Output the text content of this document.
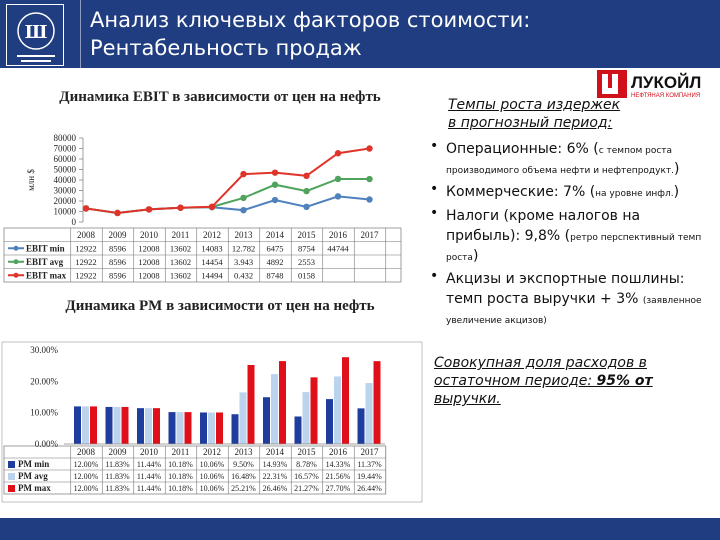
Ш
Анализ ключевых факторов стоимости: Рентабельность продаж
ЛУКОЙЛ
НЕФТЯНАЯ КОМПАНИЯ
Динамика EBIT в зависимости от цен на нефть
млн $
0
10000
20000
30000
40000
50000
60000
70000
80000
2008 2009 2010 2011 2012 2013 2014 2015 2016 2017
EBIT min 12922 8596 12008 13602 14083 12.782 6475 8754 44744
EBIT avg 12922 8596 12008 13602 14454 3.943 4892 2553
EBIT max 12922 8596 12008 13602 14494 0.432 8748 0158
Динамика PM в зависимости от цен на нефть
0.00%
10.00%
20.00%
30.00%
2008 2009 2010 2011 2012 2013 2014 2015 2016 2017
PM min	12.00% 11.83% 11.44% 10.18% 10.06% 9.50% 14.93% 8.78% 14.33% 11.37%
PM avg	12.00% 11.83% 11.44% 10.18% 10.06% 16.48% 22.31% 16.57% 21.56% 19.44%
PM max	12.00% 11.83% 11.44% 10.18% 10.06% 25.21% 26.46% 21.27% 27.70% 26.44%
Темпы роста издержек в прогнозный период:
• Операционные: 6% (с темпом роста производимого объема нефти и нефтепродукт.)
• Коммерческие: 7% (на уровне инфл.)
• Налоги (кроме налогов на прибыль): 9,8% (ретро перспективный темп роста)
• Акцизы и экспортные пошлины: темп роста выручки + 3% (заявленное увеличение акцизов)
Совокупная доля расходов в остаточном периоде: 95% от выручки.
